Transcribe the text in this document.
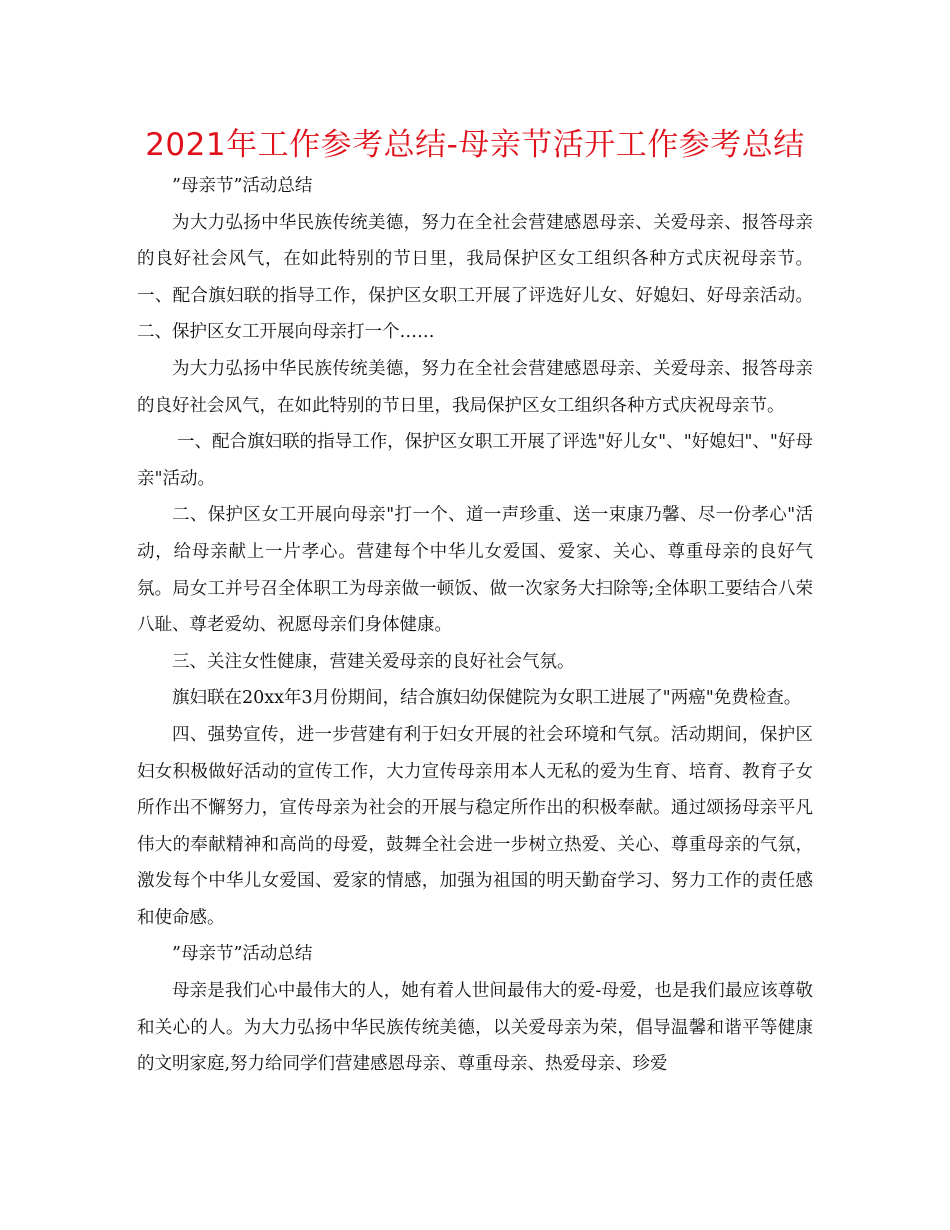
2021年工作参考总结-母亲节活开工作参考总结

”母亲节”活动总结

为大力弘扬中华民族传统美德，努力在全社会营建感恩母亲、关爱母亲、报答母亲的良好社会风气，在如此特别的节日里，我局保护区女工组织各种方式庆祝母亲节。一、配合旗妇联的指导工作，保护区女职工开展了评选好儿女、好媳妇、好母亲活动。二、保护区女工开展向母亲打一个……

为大力弘扬中华民族传统美德，努力在全社会营建感恩母亲、关爱母亲、报答母亲的良好社会风气，在如此特别的节日里，我局保护区女工组织各种方式庆祝母亲节。

一、配合旗妇联的指导工作，保护区女职工开展了评选"好儿女"、"好媳妇"、"好母亲"活动。

二、保护区女工开展向母亲"打一个、道一声珍重、送一束康乃馨、尽一份孝心"活动，给母亲献上一片孝心。营建每个中华儿女爱国、爱家、关心、尊重母亲的良好气氛。局女工并号召全体职工为母亲做一顿饭、做一次家务大扫除等;全体职工要结合八荣八耻、尊老爱幼、祝愿母亲们身体健康。

三、关注女性健康，营建关爱母亲的良好社会气氛。

旗妇联在20xx年3月份期间，结合旗妇幼保健院为女职工进展了"两癌"免费检查。

四、强势宣传，进一步营建有利于妇女开展的社会环境和气氛。活动期间，保护区妇女积极做好活动的宣传工作，大力宣传母亲用本人无私的爱为生育、培育、教育子女所作出不懈努力，宣传母亲为社会的开展与稳定所作出的积极奉献。通过颂扬母亲平凡伟大的奉献精神和高尚的母爱，鼓舞全社会进一步树立热爱、关心、尊重母亲的气氛，激发每个中华儿女爱国、爱家的情感，加强为祖国的明天勤奋学习、努力工作的责任感和使命感。

”母亲节”活动总结

母亲是我们心中最伟大的人，她有着人世间最伟大的爱-母爱，也是我们最应该尊敬和关心的人。为大力弘扬中华民族传统美德，以关爱母亲为荣，倡导温馨和谐平等健康的文明家庭,努力给同学们营建感恩母亲、尊重母亲、热爱母亲、珍爱
